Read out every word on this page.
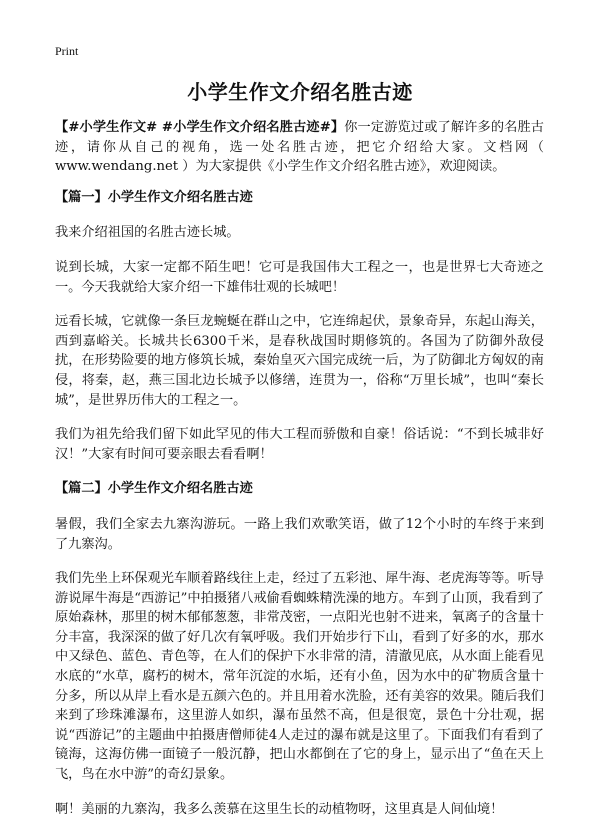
Print
小学生作文介绍名胜古迹

【#小学生作文# #小学生作文介绍名胜古迹#】你一定游览过或了解许多的名胜古迹，请你从自己的视角，选一处名胜古迹，把它介绍给大家。文档网（ www.wendang.net ）为大家提供《小学生作文介绍名胜古迹》，欢迎阅读。

【篇一】小学生作文介绍名胜古迹

我来介绍祖国的名胜古迹长城。

说到长城，大家一定都不陌生吧！它可是我国伟大工程之一，也是世界七大奇迹之一。今天我就给大家介绍一下雄伟壮观的长城吧！

远看长城，它就像一条巨龙蜿蜒在群山之中，它连绵起伏，景象奇异，东起山海关，西到嘉峪关。长城共长6300千米，是春秋战国时期修筑的。各国为了防御外敌侵扰，在形势险要的地方修筑长城，秦始皇灭六国完成统一后，为了防御北方匈奴的南侵，将秦，赵，燕三国北边长城予以修缮，连贯为一，俗称“万里长城”，也叫“秦长城”，是世界历伟大的工程之一。

我们为祖先给我们留下如此罕见的伟大工程而骄傲和自豪！俗话说：“不到长城非好汉！”大家有时间可要亲眼去看看啊！

【篇二】小学生作文介绍名胜古迹

暑假，我们全家去九寨沟游玩。一路上我们欢歌笑语，做了12个小时的车终于来到了九寨沟。

我们先坐上环保观光车顺着路线往上走，经过了五彩池、犀牛海、老虎海等等。听导游说犀牛海是“西游记”中拍摄猪八戒偷看蜘蛛精洗澡的地方。车到了山顶，我看到了原始森林，那里的树木郁郁葱葱，非常茂密，一点阳光也射不进来，氧离子的含量十分丰富，我深深的做了好几次有氧呼吸。我们开始步行下山，看到了好多的水，那水中又绿色、蓝色、青色等，在人们的保护下水非常的清，清澈见底，从水面上能看见水底的“水草，腐朽的树木，常年沉淀的水垢，还有小鱼，因为水中的矿物质含量十分多，所以从岸上看水是五颜六色的。并且用着水洗脸，还有美容的效果。随后我们来到了珍珠滩瀑布，这里游人如织，瀑布虽然不高，但是很宽，景色十分壮观，据说“西游记”的主题曲中拍摄唐僧师徒4人走过的瀑布就是这里了。下面我们有看到了镜海，这海仿佛一面镜子一般沉静，把山水都倒在了它的身上，显示出了“鱼在天上飞，鸟在水中游”的奇幻景象。

啊！美丽的九寨沟，我多么羡慕在这里生长的动植物呀，这里真是人间仙境！
